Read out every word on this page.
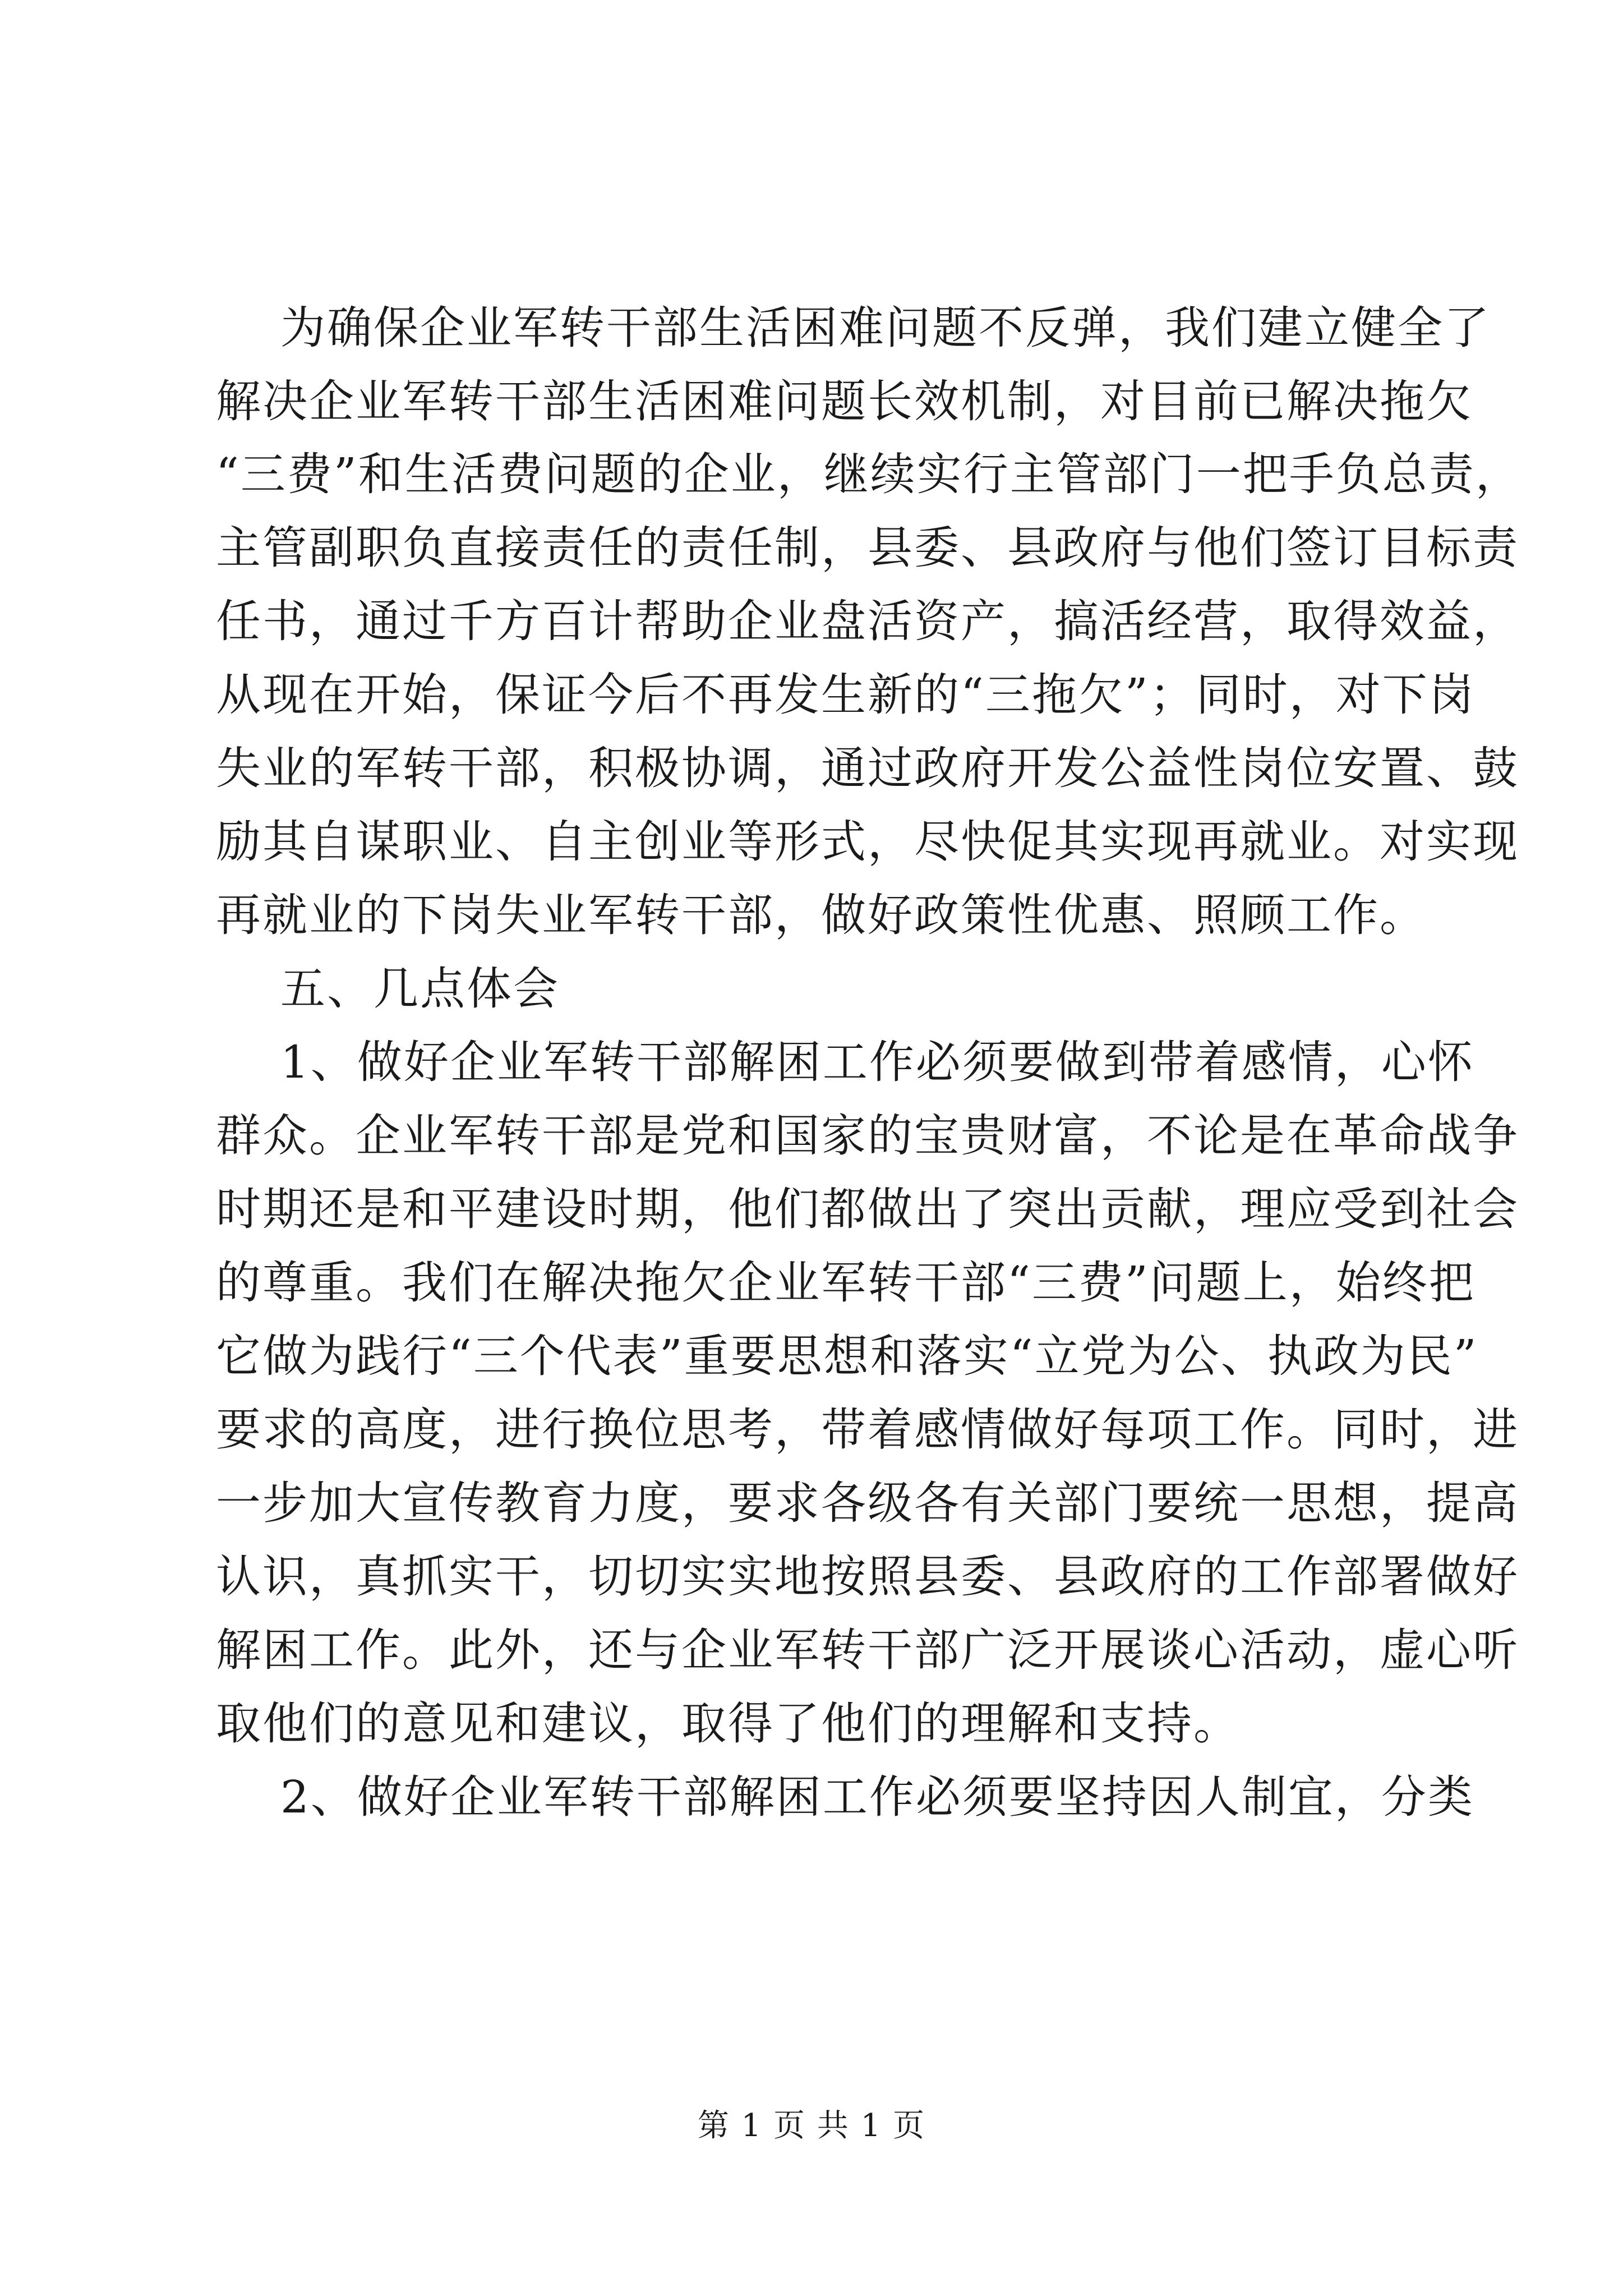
为确保企业军转干部生活困难问题不反弹，我们建立健全了
解决企业军转干部生活困难问题长效机制，对目前已解决拖欠
“三费”和生活费问题的企业，继续实行主管部门一把手负总责，
主管副职负直接责任的责任制，县委、县政府与他们签订目标责
任书，通过千方百计帮助企业盘活资产，搞活经营，取得效益，
从现在开始，保证今后不再发生新的“三拖欠”；同时，对下岗
失业的军转干部，积极协调，通过政府开发公益性岗位安置、鼓
励其自谋职业、自主创业等形式，尽快促其实现再就业。对实现
再就业的下岗失业军转干部，做好政策性优惠、照顾工作。
五、几点体会
1、做好企业军转干部解困工作必须要做到带着感情，心怀
群众。企业军转干部是党和国家的宝贵财富，不论是在革命战争
时期还是和平建设时期，他们都做出了突出贡献，理应受到社会
的尊重。我们在解决拖欠企业军转干部“三费”问题上，始终把
它做为践行“三个代表”重要思想和落实“立党为公、执政为民”
要求的高度，进行换位思考，带着感情做好每项工作。同时，进
一步加大宣传教育力度，要求各级各有关部门要统一思想，提高
认识，真抓实干，切切实实地按照县委、县政府的工作部署做好
解困工作。此外，还与企业军转干部广泛开展谈心活动，虚心听
取他们的意见和建议，取得了他们的理解和支持。
2、做好企业军转干部解困工作必须要坚持因人制宜，分类
第 1 页 共 1 页
